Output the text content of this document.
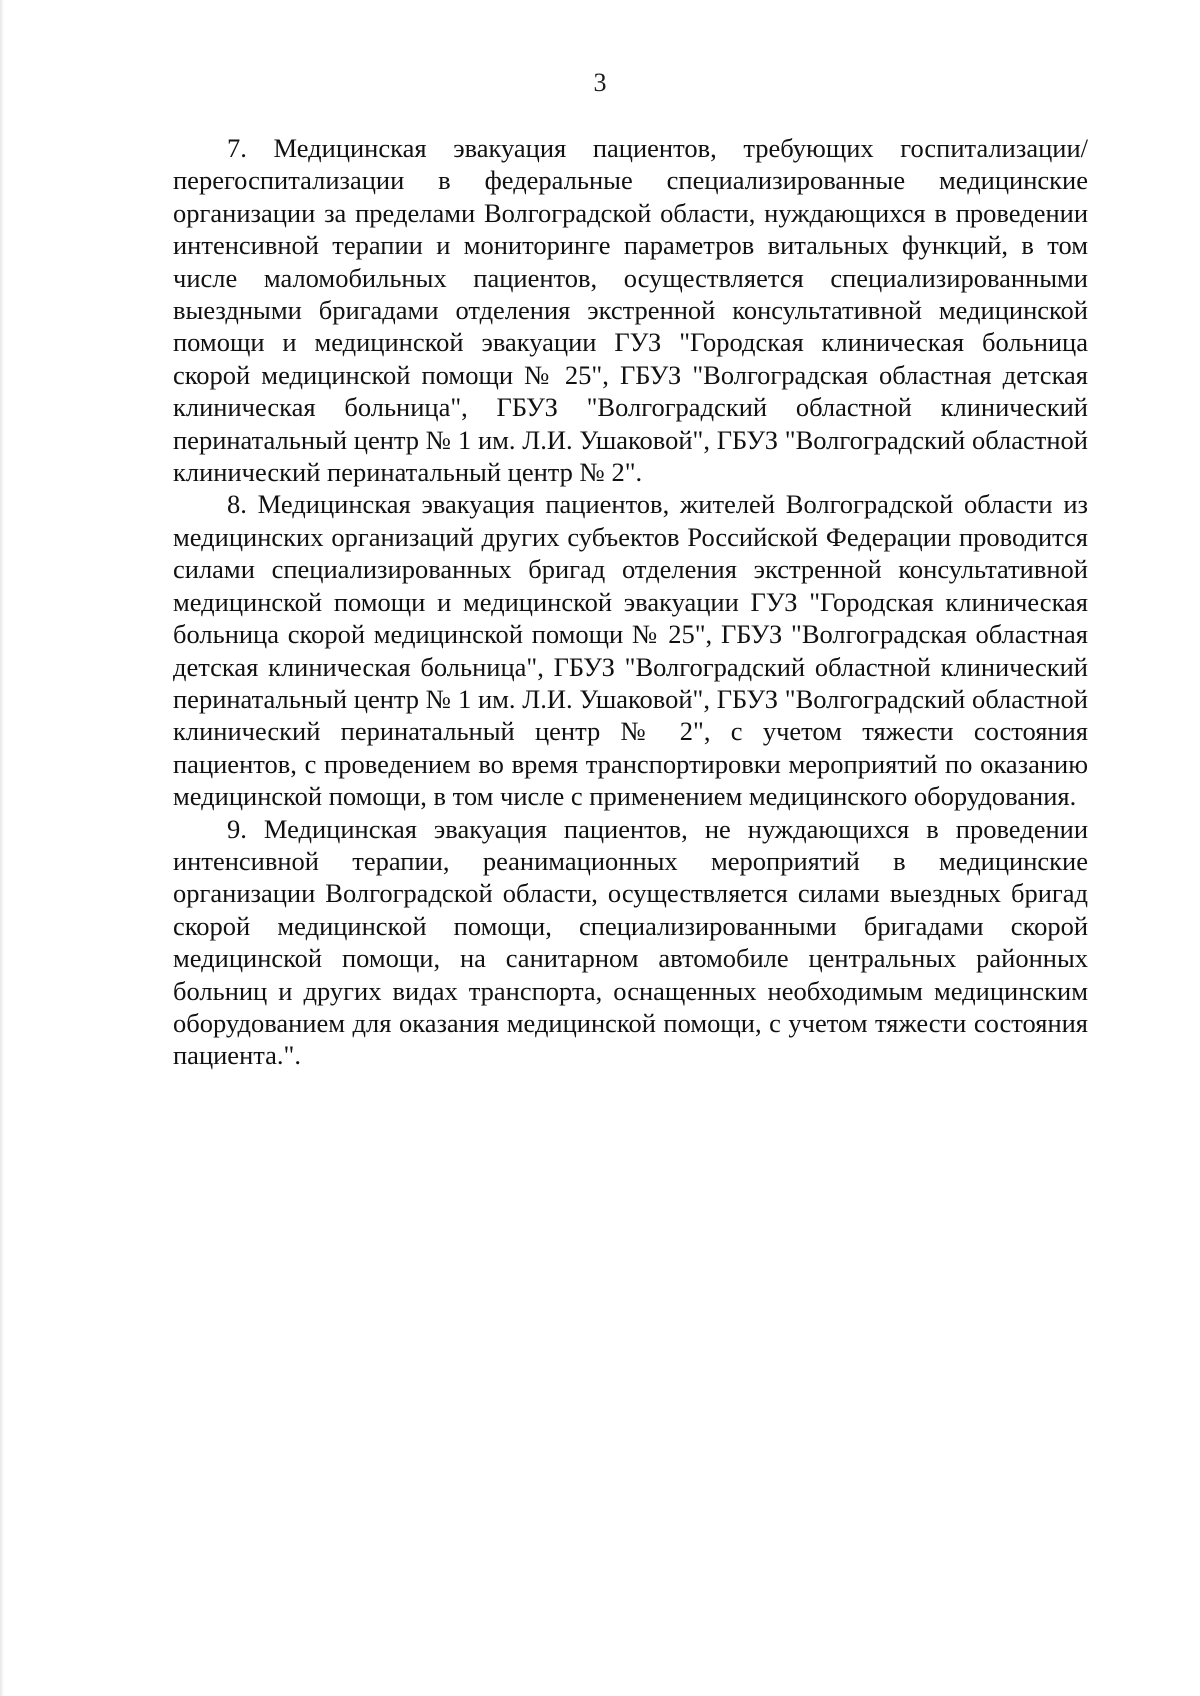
3

7. Медицинская эвакуация пациентов, требующих госпитализации/ перегоспитализации в федеральные специализированные медицинские организации за пределами Волгоградской области, нуждающихся в проведении интенсивной терапии и мониторинге параметров витальных функций, в том числе маломобильных пациентов, осуществляется специализированными выездными бригадами отделения экстренной консультативной медицинской помощи и медицинской эвакуации ГУЗ "Городская клиническая больница скорой медицинской помощи № 25", ГБУЗ "Волгоградская областная детская клиническая больница", ГБУЗ "Волгоградский областной клинический перинатальный центр № 1 им. Л.И. Ушаковой", ГБУЗ "Волгоградский областной клинический перинатальный центр № 2".

8. Медицинская эвакуация пациентов, жителей Волгоградской области из медицинских организаций других субъектов Российской Федерации проводится силами специализированных бригад отделения экстренной консультативной медицинской помощи и медицинской эвакуации ГУЗ "Городская клиническая больница скорой медицинской помощи № 25", ГБУЗ "Волгоградская областная детская клиническая больница", ГБУЗ "Волгоградский областной клинический перинатальный центр № 1 им. Л.И. Ушаковой", ГБУЗ "Волгоградский областной клинический перинатальный центр № 2", с учетом тяжести состояния пациентов, с проведением во время транспортировки мероприятий по оказанию медицинской помощи, в том числе с применением медицинского оборудования.

9. Медицинская эвакуация пациентов, не нуждающихся в проведении интенсивной терапии, реанимационных мероприятий в медицинские организации Волгоградской области, осуществляется силами выездных бригад скорой медицинской помощи, специализированными бригадами скорой медицинской помощи, на санитарном автомобиле центральных районных больниц и других видах транспорта, оснащенных необходимым медицинским оборудованием для оказания медицинской помощи, с учетом тяжести состояния пациента.".
